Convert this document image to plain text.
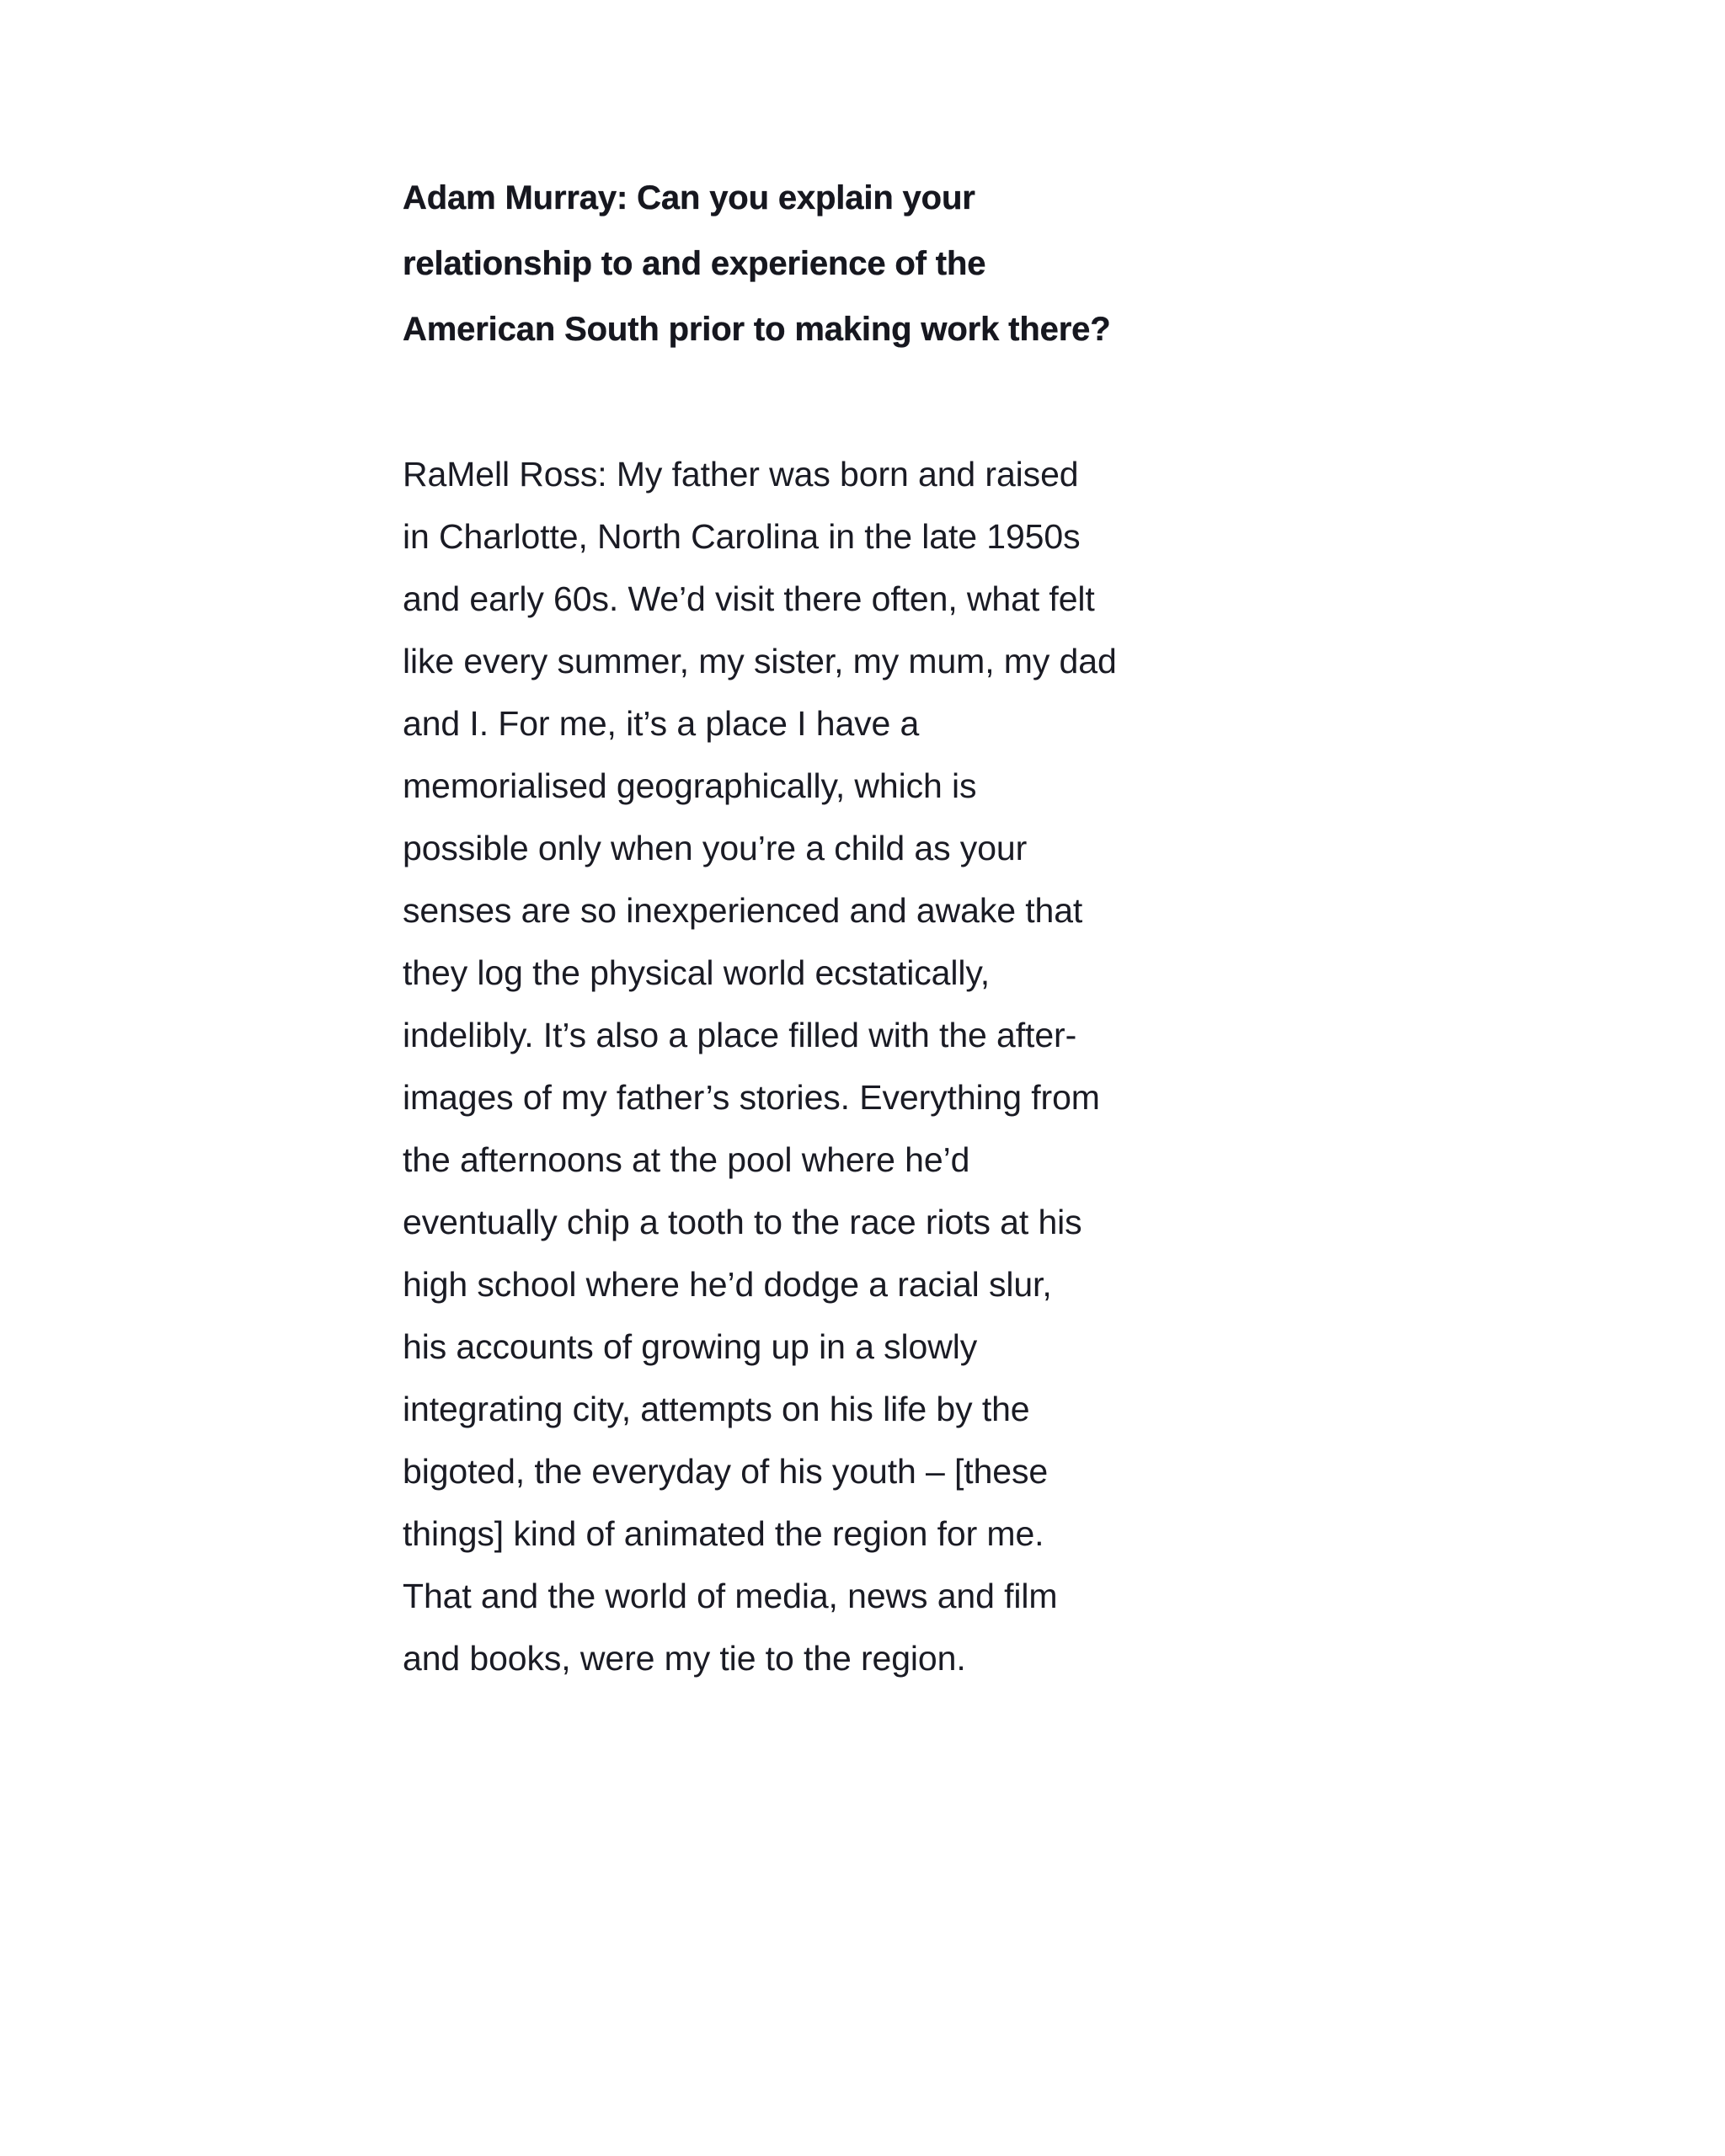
Adam Murray: Can you explain your
relationship to and experience of the
American South prior to making work there?
RaMell Ross: My father was born and raised
in Charlotte, North Carolina in the late 1950s
and early 60s. We’d visit there often, what felt
like every summer, my sister, my mum, my dad
and I. For me, it’s a place I have a
memorialised geographically, which is
possible only when you’re a child as your
senses are so inexperienced and awake that
they log the physical world ecstatically,
indelibly. It’s also a place filled with the after-
images of my father’s stories. Everything from
the afternoons at the pool where he’d
eventually chip a tooth to the race riots at his
high school where he’d dodge a racial slur,
his accounts of growing up in a slowly
integrating city, attempts on his life by the
bigoted, the everyday of his youth – [these
things] kind of animated the region for me.
That and the world of media, news and film
and books, were my tie to the region.
